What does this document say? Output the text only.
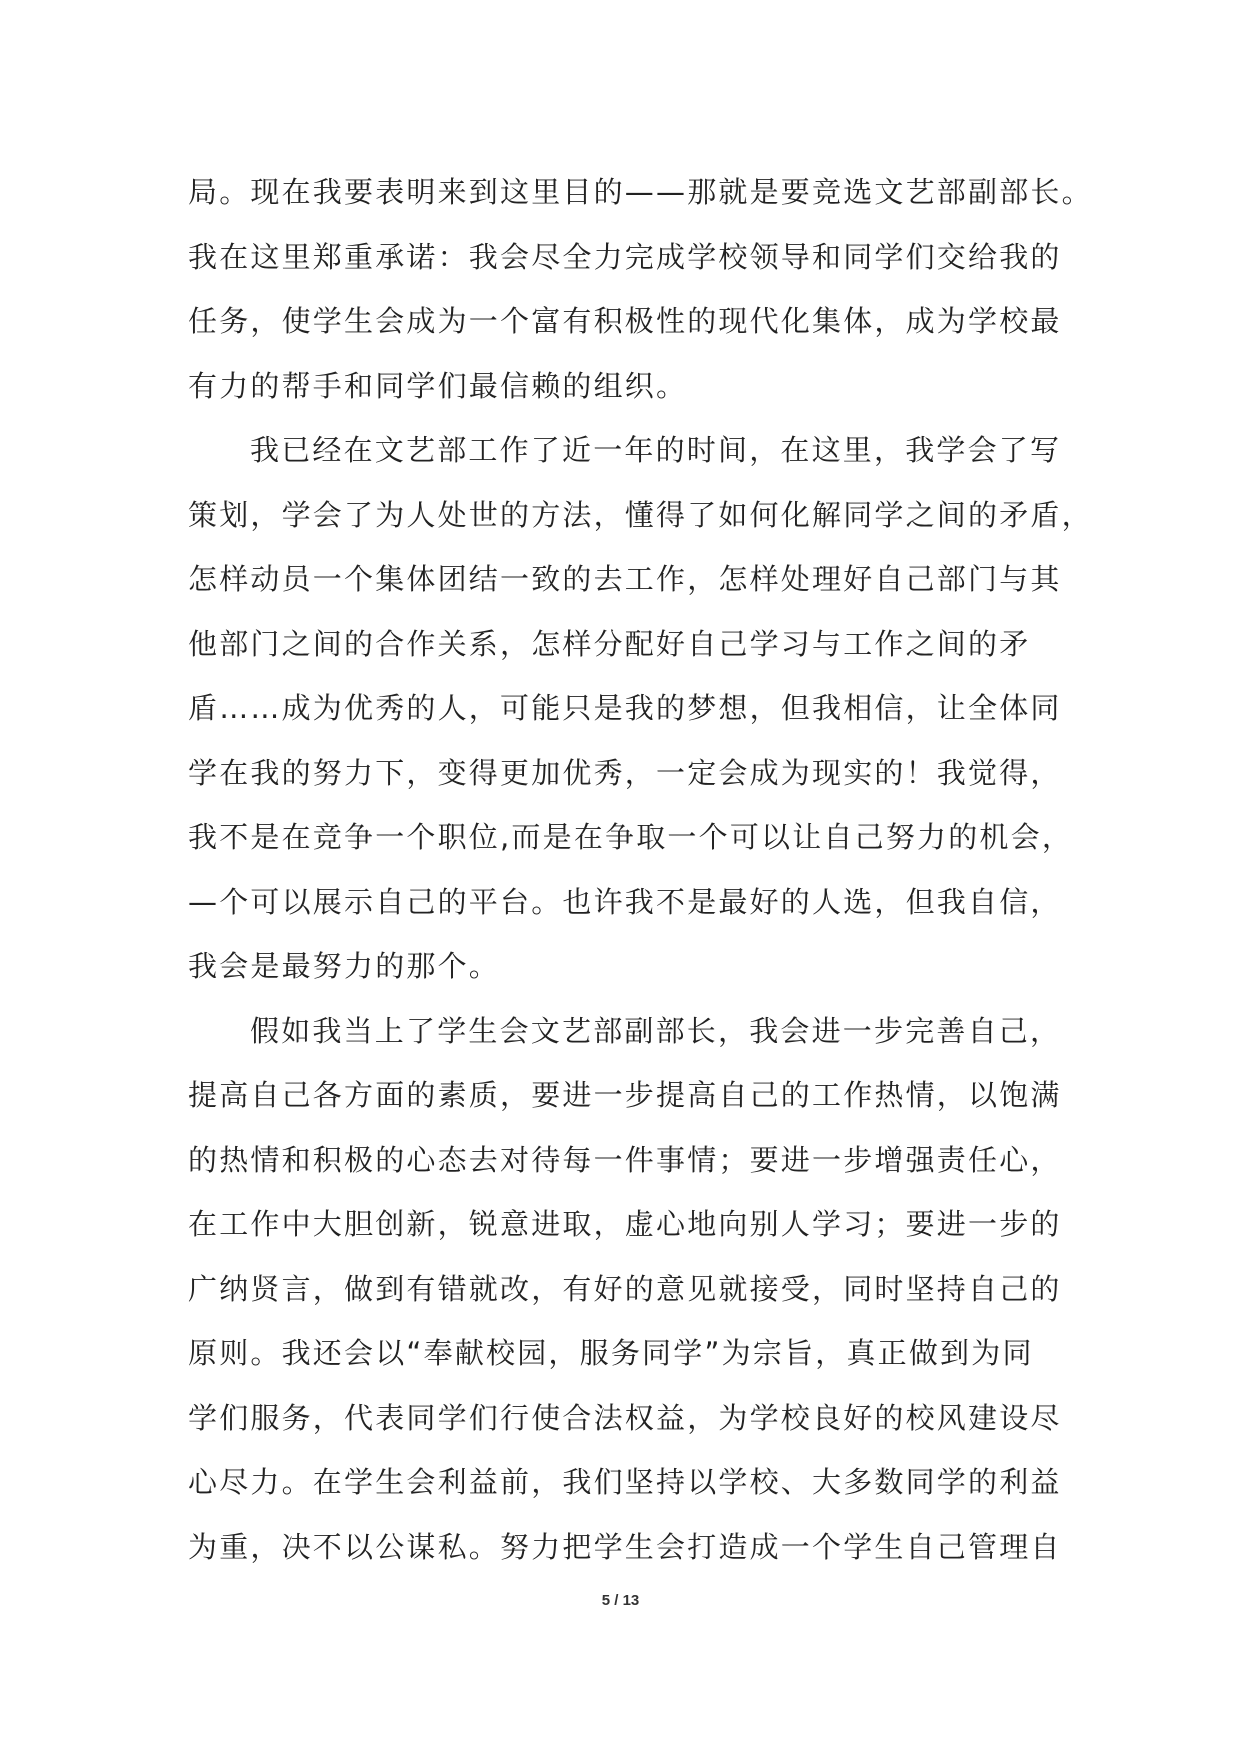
局。现在我要表明来到这里目的——那就是要竞选文艺部副部长。
我在这里郑重承诺：我会尽全力完成学校领导和同学们交给我的
任务，使学生会成为一个富有积极性的现代化集体，成为学校最
有力的帮手和同学们最信赖的组织。
我已经在文艺部工作了近一年的时间，在这里，我学会了写
策划，学会了为人处世的方法，懂得了如何化解同学之间的矛盾，
怎样动员一个集体团结一致的去工作，怎样处理好自己部门与其
他部门之间的合作关系，怎样分配好自己学习与工作之间的矛
盾……成为优秀的人，可能只是我的梦想，但我相信，让全体同
学在我的努力下，变得更加优秀，一定会成为现实的！我觉得，
我不是在竞争一个职位,而是在争取一个可以让自己努力的机会，
—个可以展示自己的平台。也许我不是最好的人选，但我自信，
我会是最努力的那个。
假如我当上了学生会文艺部副部长，我会进一步完善自己，
提高自己各方面的素质，要进一步提高自己的工作热情，以饱满
的热情和积极的心态去对待每一件事情；要进一步增强责任心，
在工作中大胆创新，锐意进取，虚心地向别人学习；要进一步的
广纳贤言，做到有错就改，有好的意见就接受，同时坚持自己的
原则。我还会以“奉献校园，服务同学”为宗旨，真正做到为同
学们服务，代表同学们行使合法权益，为学校良好的校风建设尽
心尽力。在学生会利益前，我们坚持以学校、大多数同学的利益
为重，决不以公谋私。努力把学生会打造成一个学生自己管理自
5 / 13
